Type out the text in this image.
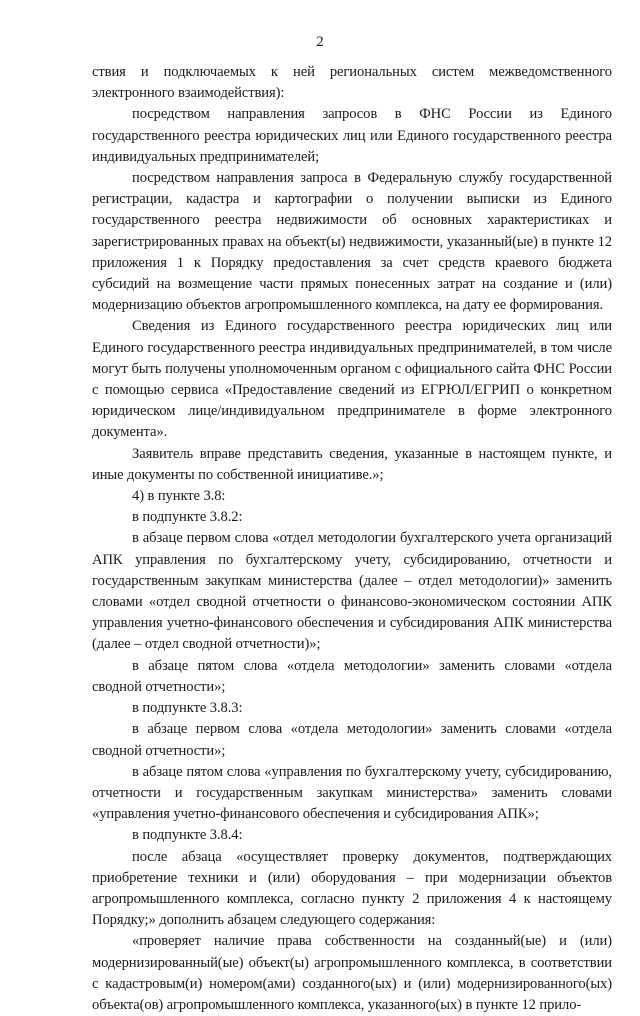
2

ствия и подключаемых к ней региональных систем межведомственного электронного взаимодействия):

посредством направления запросов в ФНС России из Единого государственного реестра юридических лиц или Единого государственного реестра индивидуальных предпринимателей;

посредством направления запроса в Федеральную службу государственной регистрации, кадастра и картографии о получении выписки из Единого государственного реестра недвижимости об основных характеристиках и зарегистрированных правах на объект(ы) недвижимости, указанный(ые) в пункте 12 приложения 1 к Порядку предоставления за счет средств краевого бюджета субсидий на возмещение части прямых понесенных затрат на создание и (или) модернизацию объектов агропромышленного комплекса, на дату ее формирования.

Сведения из Единого государственного реестра юридических лиц или Единого государственного реестра индивидуальных предпринимателей, в том числе могут быть получены уполномоченным органом с официального сайта ФНС России с помощью сервиса «Предоставление сведений из ЕГРЮЛ/ЕГРИП о конкретном юридическом лице/индивидуальном предпринимателе в форме электронного документа».

Заявитель вправе представить сведения, указанные в настоящем пункте, и иные документы по собственной инициативе.»;

4) в пункте 3.8:

в подпункте 3.8.2:

в абзаце первом слова «отдел методологии бухгалтерского учета организаций АПК управления по бухгалтерскому учету, субсидированию, отчетности и государственным закупкам министерства (далее – отдел методологии)» заменить словами «отдел сводной отчетности о финансово-экономическом состоянии АПК управления учетно-финансового обеспечения и субсидирования АПК министерства (далее – отдел сводной отчетности)»;

в абзаце пятом слова «отдела методологии» заменить словами «отдела сводной отчетности»;

в подпункте 3.8.3:

в абзаце первом слова «отдела методологии» заменить словами «отдела сводной отчетности»;

в абзаце пятом слова «управления по бухгалтерскому учету, субсидированию, отчетности и государственным закупкам министерства» заменить словами «управления учетно-финансового обеспечения и субсидирования АПК»;

в подпункте 3.8.4:

после абзаца «осуществляет проверку документов, подтверждающих приобретение техники и (или) оборудования – при модернизации объектов агропромышленного комплекса, согласно пункту 2 приложения 4 к настоящему Порядку;» дополнить абзацем следующего содержания:

«проверяет наличие права собственности на созданный(ые) и (или) модернизированный(ые) объект(ы) агропромышленного комплекса, в соответствии с кадастровым(и) номером(ами) созданного(ых) и (или) модернизированного(ых) объекта(ов) агропромышленного комплекса, указанного(ых) в пункте 12 прило-
